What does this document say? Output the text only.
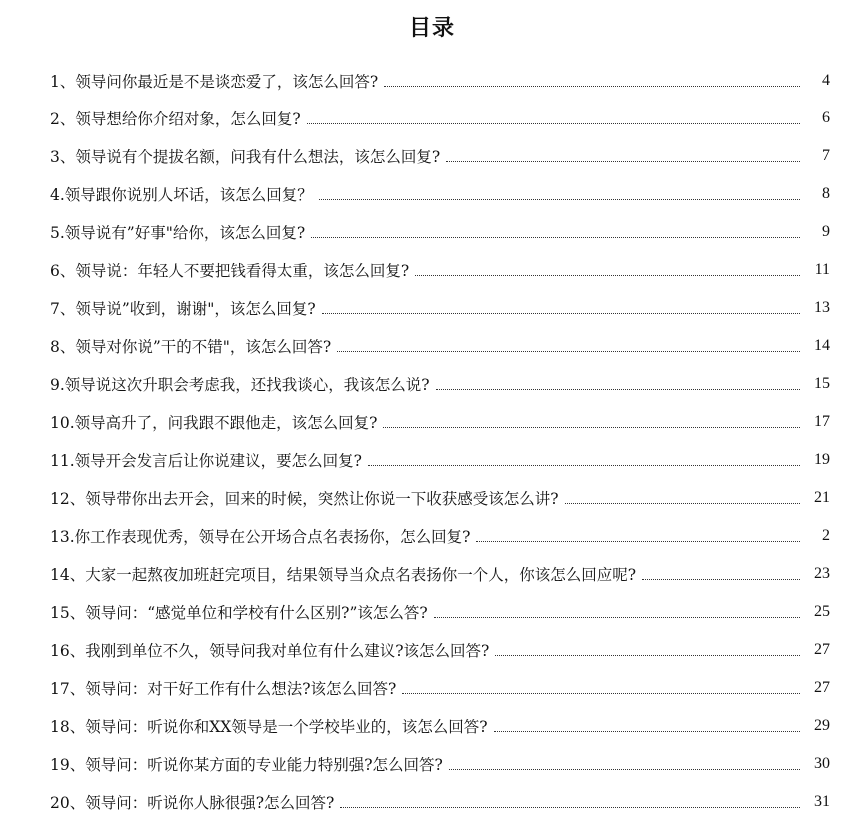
目录
1、领导问你最近是不是谈恋爱了，该怎么回答?	4
2、领导想给你介绍对象，怎么回复?	6
3、领导说有个提拔名额，问我有什么想法，该怎么回复?	7
4.领导跟你说别人坏话，该怎么回复？	8
5.领导说有”好事"给你，该怎么回复?	9
6、领导说：年轻人不要把钱看得太重，该怎么回复?	11
7、领导说”收到，谢谢"，该怎么回复?	13
8、领导对你说”干的不错"，该怎么回答?	14
9.领导说这次升职会考虑我，还找我谈心，我该怎么说?	15
10.领导高升了，问我跟不跟他走，该怎么回复?	17
11.领导开会发言后让你说建议，要怎么回复?	19
12、领导带你出去开会，回来的时候，突然让你说一下收获感受该怎么讲?	21
13.你工作表现优秀，领导在公开场合点名表扬你，怎么回复?	2
14、大家一起熬夜加班赶完项目，结果领导当众点名表扬你一个人，你该怎么回应呢?	23
15、领导问：“感觉单位和学校有什么区别?”该怎么答?	25
16、我刚到单位不久，领导问我对单位有什么建议?该怎么回答?	27
17、领导问：对干好工作有什么想法?该怎么回答?	27
18、领导问：听说你和XX领导是一个学校毕业的，该怎么回答?	29
19、领导问：听说你某方面的专业能力特别强?怎么回答?	30
20、领导问：听说你人脉很强?怎么回答?	31
